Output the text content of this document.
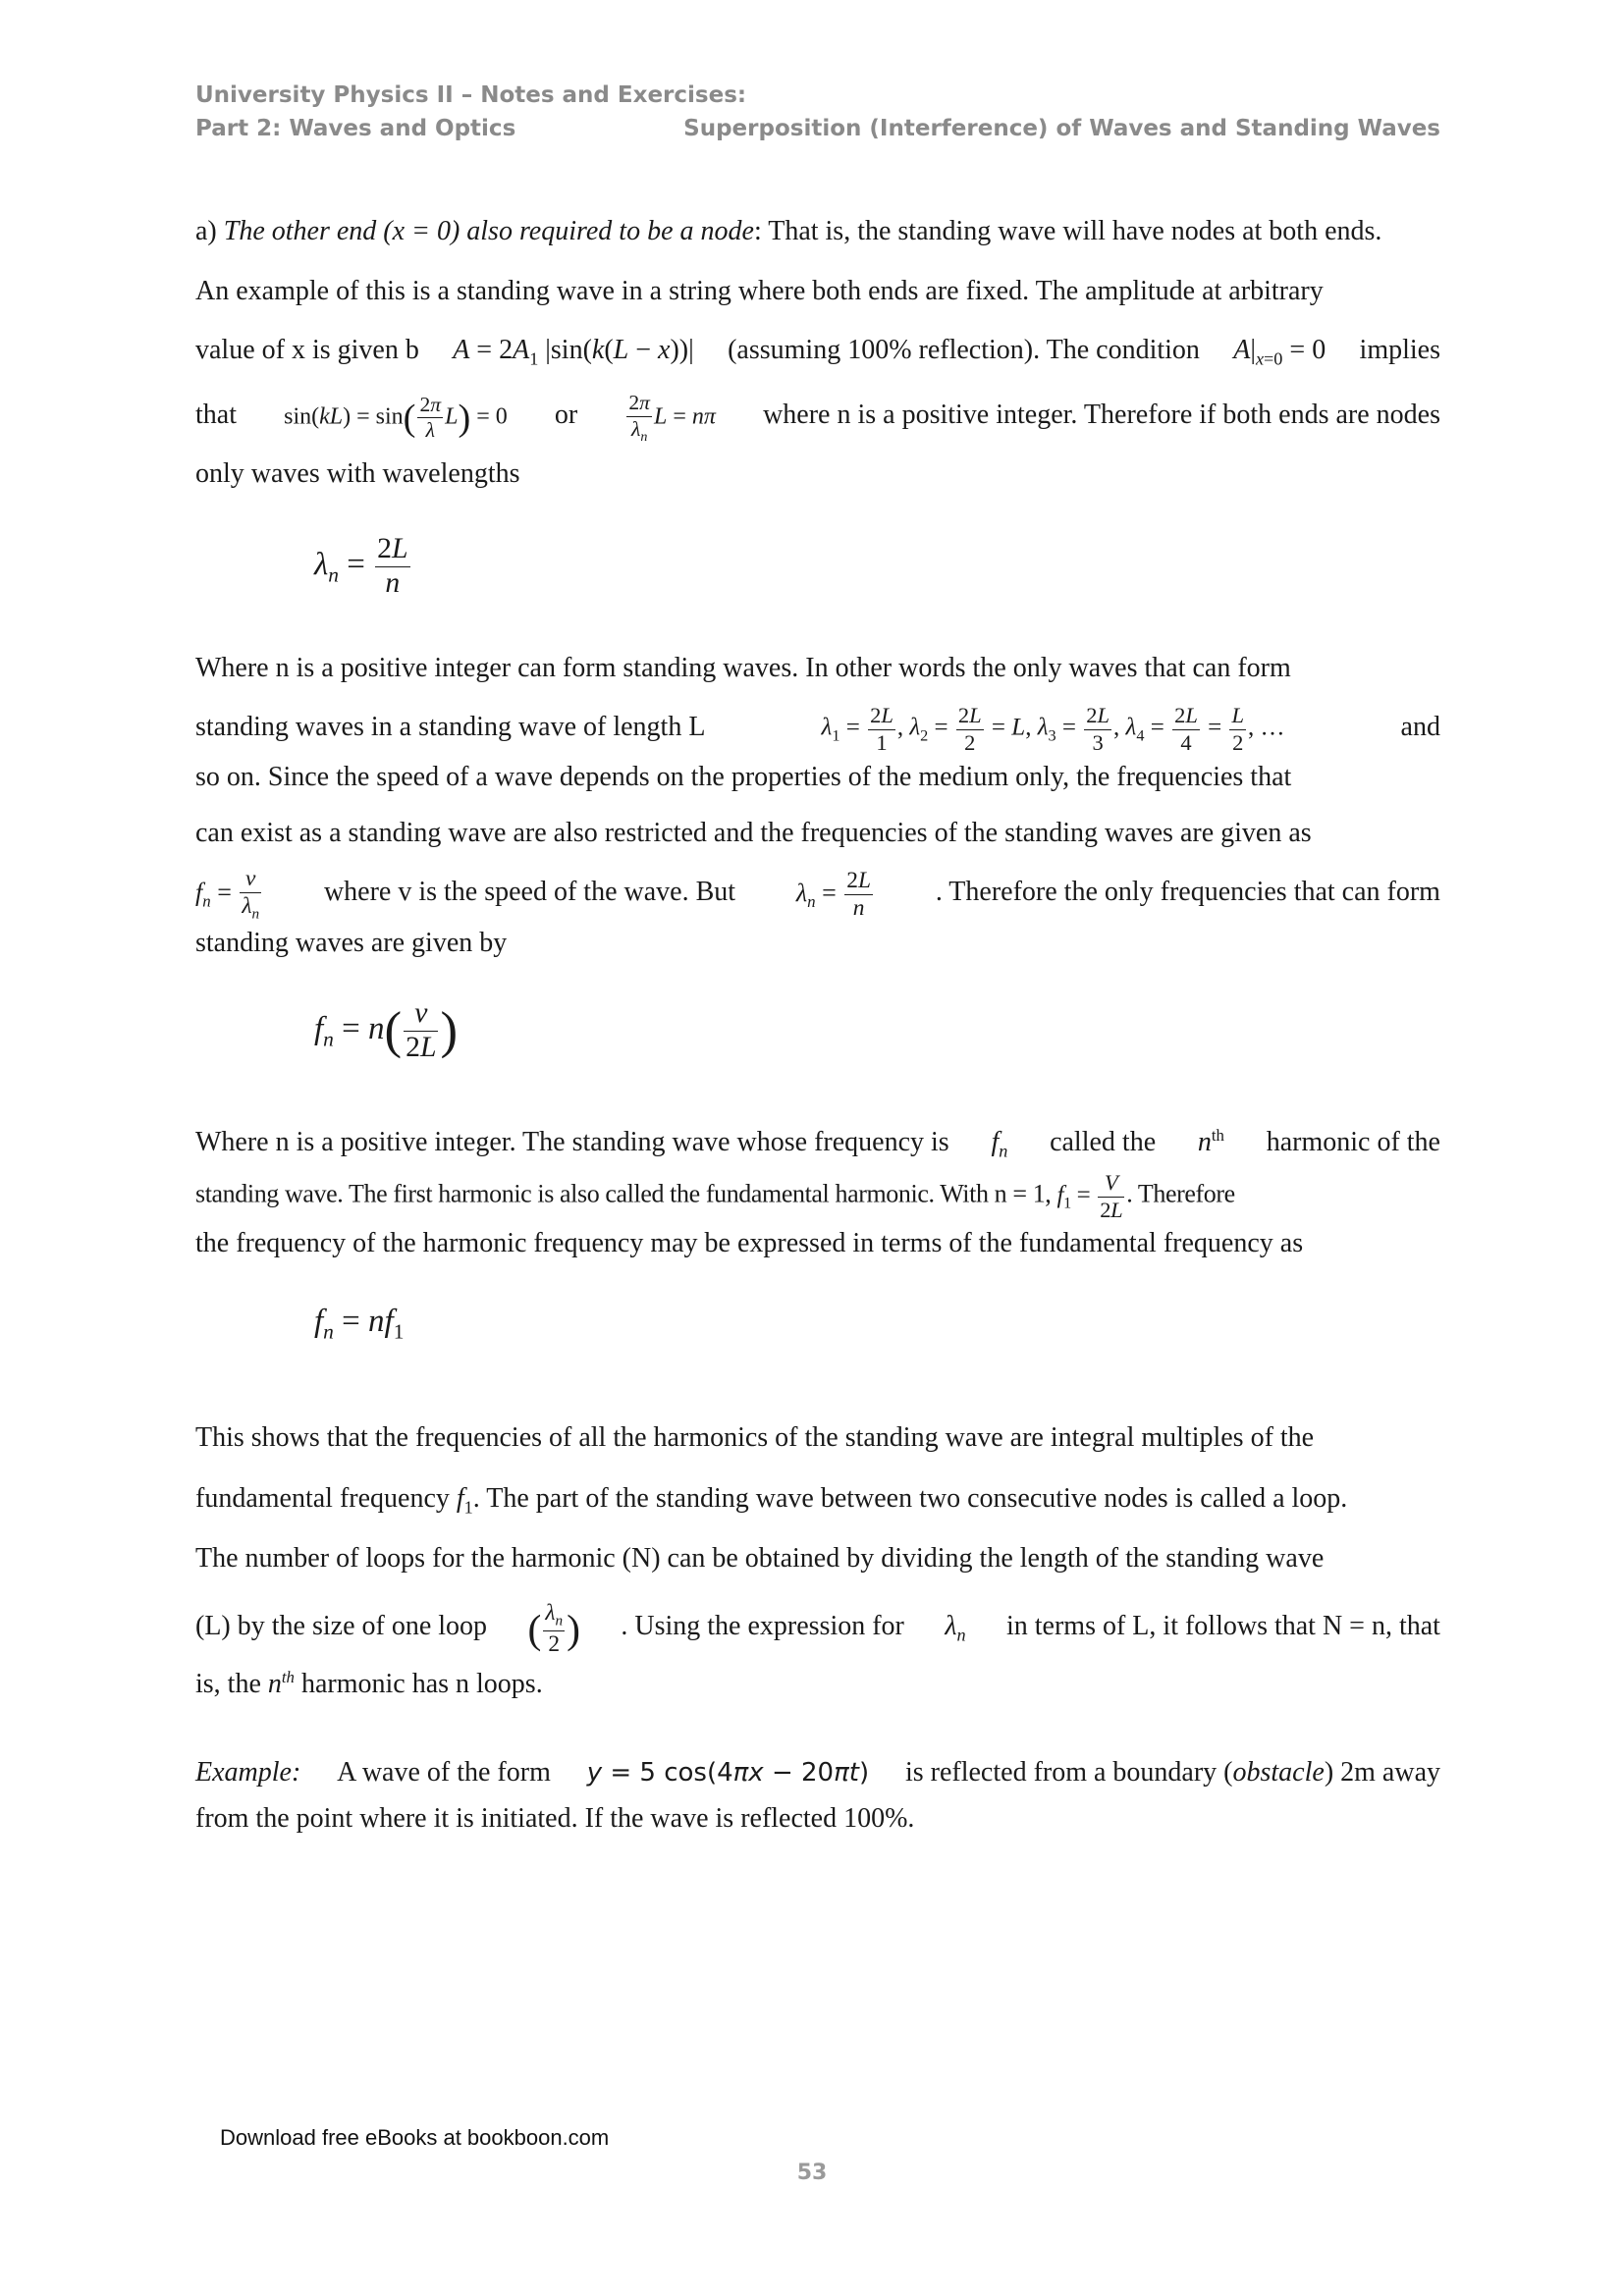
University Physics II – Notes and Exercises:
Part 2: Waves and Optics	Superposition (Interference) of Waves and Standing Waves
a) The other end (x = 0) also required to be a node: That is, the standing wave will have nodes at both ends.
An example of this is a standing wave in a string where both ends are fixed. The amplitude at arbitrary
value of x is given b $A = 2A_1$ |sin(k(L − x))| (assuming 100% reflection). The condition $A|_{x=0} = 0$ implies
that $\sin(kL) = \sin( \frac{2\pi}{\lambda} L) = 0$ or $\frac{2\pi}{\lambda_n}$ L = nπ where n is a positive integer. Therefore if both ends are nodes
only waves with wavelengths
$\lambda_n = \frac{2L}{n}$
Where n is a positive integer can form standing waves. In other words the only waves that can form
standing waves in a standing wave of length L	$\lambda_1 = \frac{2L}{1}$ , $\lambda_2 = \frac{2L}{2} = L$, $\lambda_3 = \frac{2L}{3}$ , $\lambda_4 = \frac{2L}{4} = \frac{L}{2}$ , …	and
so on. Since the speed of a wave depends on the properties of the medium only, the frequencies that
can exist as a standing wave are also restricted and the frequencies of the standing waves are given as
$f_n = \frac{v}{\lambda_n}$ where v is the speed of the wave. But $\lambda_n = \frac{2L}{n}$ . Therefore the only frequencies that can form
standing waves are given by
$f_n = n( \frac{v}{2L}$ )
Where n is a positive integer. The standing wave whose frequency is $f_n$ called the $n^{th}$ harmonic of the
standing wave. The first harmonic is also called the fundamental harmonic. With n = 1, $f_1 = \frac{V}{2L}$ . Therefore
the frequency of the harmonic frequency may be expressed in terms of the fundamental frequency as
$f_n = nf_1$
This shows that the frequencies of all the harmonics of the standing wave are integral multiples of the
fundamental frequency $f_1$. The part of the standing wave between two consecutive nodes is called a loop.
The number of loops for the harmonic (N) can be obtained by dividing the length of the standing wave
(L) by the size of one loop ( $\frac{\lambda_n}{2}$ ) . Using the expression for $\lambda_n$ in terms of L, it follows that N = n, that
is, the $n^{th}$ harmonic has n loops.
Example: A wave of the form y = 5 cos(4πx − 20πt) is reflected from a boundary (obstacle) 2m away
from the point where it is initiated. If the wave is reflected 100%.
Download free eBooks at bookboon.com
53
